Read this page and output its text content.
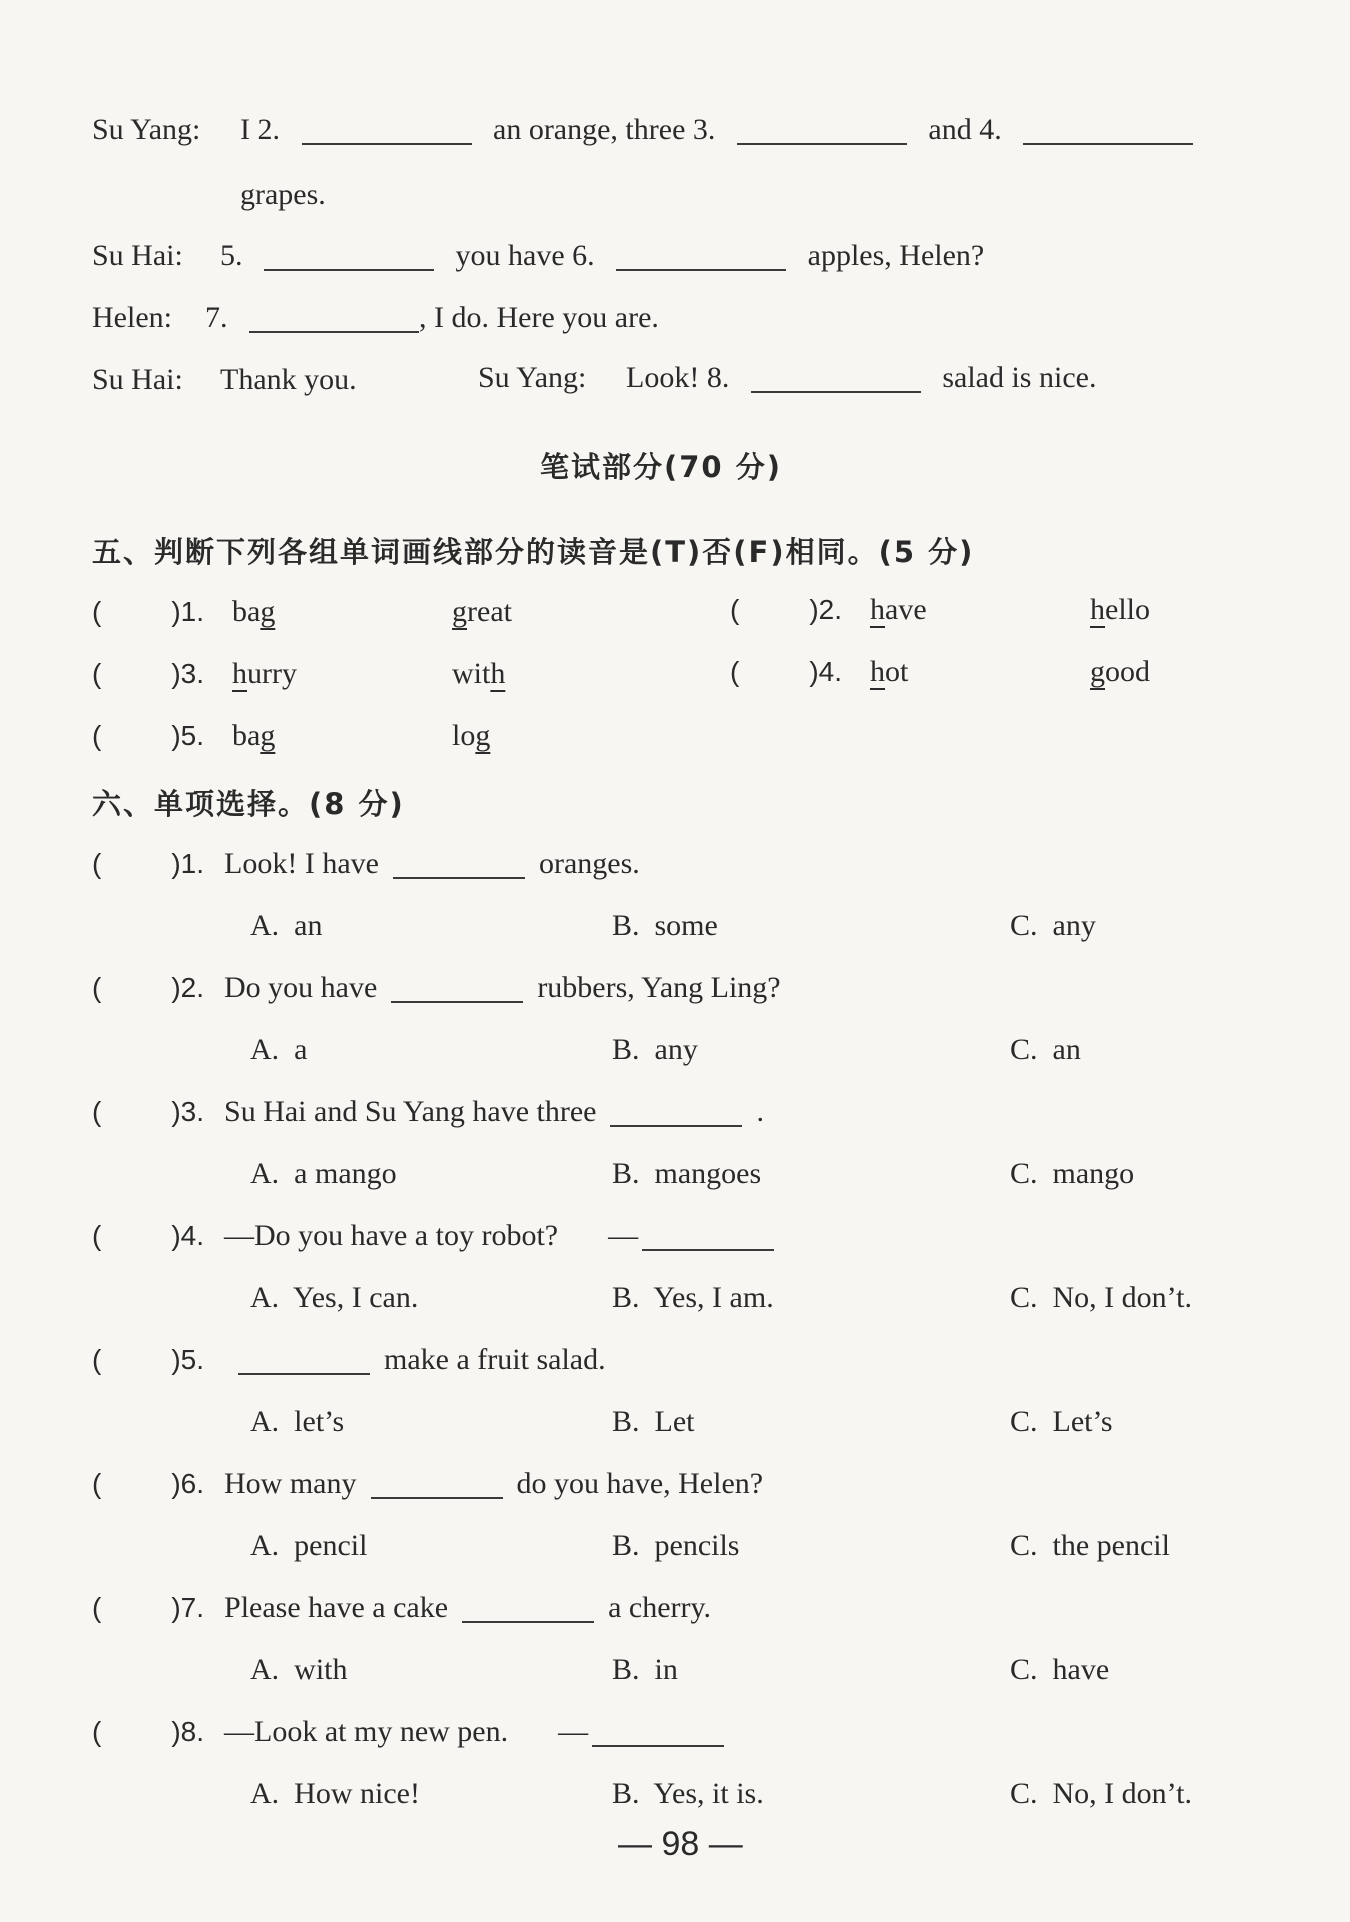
Su Yang: I 2.	an orange, three 3.	and 4.
grapes.
Su Hai: 5.	you have 6.	apples, Helen?
Helen: 7.	, I do. Here you are.
Su Hai: Thank you.	Su Yang: Look! 8.	salad is nice.
笔试部分(70 分)
五、判断下列各组单词画线部分的读音是(T)否(F)相同。(5 分)
(	)1. bag	great	(	)2. have	hello
(	)3. hurry	with	(	)4. hot	good
(	)5. bag	log
六、单项选择。(8 分)
(	)1. Look! I have	oranges.
A.  an	B.  some	C.  any
(	)2. Do you have	rubbers, Yang Ling?
A.  a	B.  any	C.  an
(	)3. Su Hai and Su Yang have three	.
A.  a mango	B.  mangoes	C.  mango
(	)4. —Do you have a toy robot? —
A.  Yes, I can.	B.  Yes, I am.	C.  No, I don’t.
(	)5.	make a fruit salad.
A.  let’s	B.  Let	C.  Let’s
(	)6. How many	do you have, Helen?
A.  pencil	B.  pencils	C.  the pencil
(	)7. Please have a cake	a cherry.
A.  with	B.  in	C.  have
(	)8. —Look at my new pen. —
A.  How nice!	B.  Yes, it is.	C.  No, I don’t.
— 98 —
